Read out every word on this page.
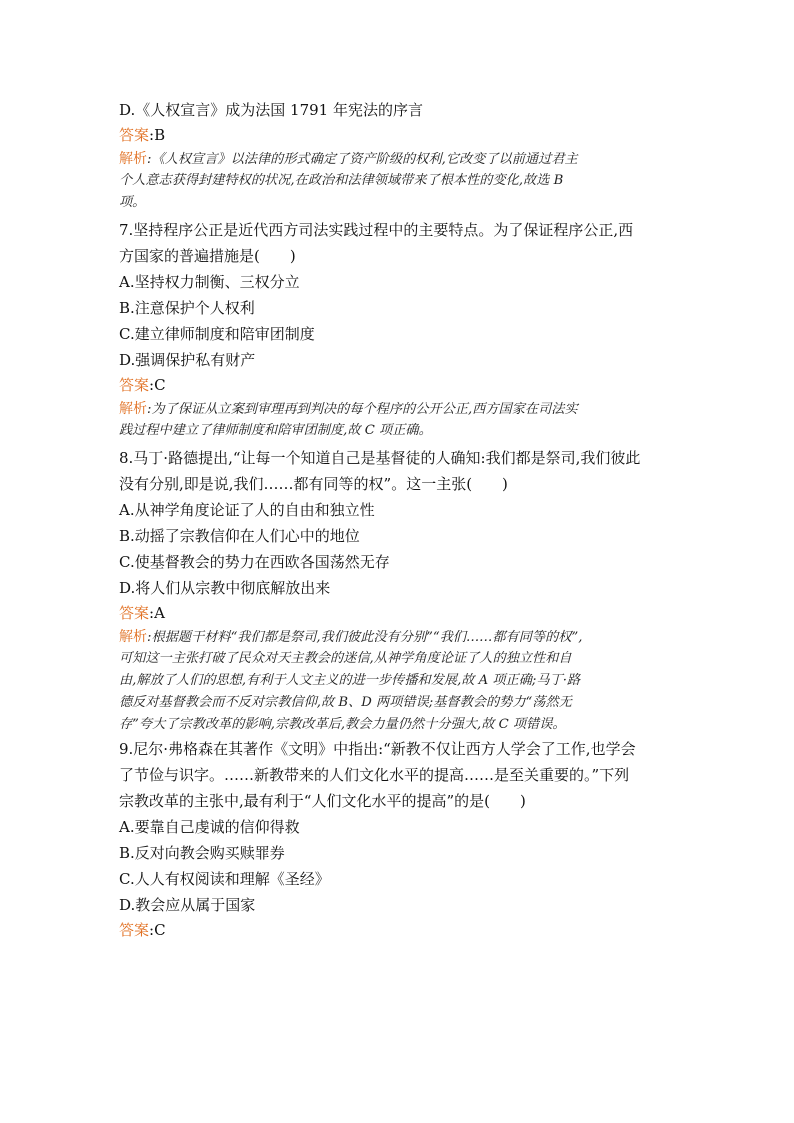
D.《人权宣言》成为法国 1791 年宪法的序言
答案:B

解析:《人权宣言》以法律的形式确定了资产阶级的权利,它改变了以前通过君主

个人意志获得封建特权的状况,在政治和法律领域带来了根本性的变化,故选 B

项。

7.坚持程序公正是近代西方司法实践过程中的主要特点。为了保证程序公正,西
方国家的普遍措施是(　　)
A.坚持权力制衡、三权分立
B.注意保护个人权利
C.建立律师制度和陪审团制度
D.强调保护私有财产
答案:C

解析:为了保证从立案到审理再到判决的每个程序的公开公正,西方国家在司法实

践过程中建立了律师制度和陪审团制度,故 C 项正确。

8.马丁·路德提出,“让每一个知道自己是基督徒的人确知:我们都是祭司,我们彼此
没有分别,即是说,我们……都有同等的权”。这一主张(　　)
A.从神学角度论证了人的自由和独立性
B.动摇了宗教信仰在人们心中的地位
C.使基督教会的势力在西欧各国荡然无存
D.将人们从宗教中彻底解放出来
答案:A

解析:根据题干材料“我们都是祭司,我们彼此没有分别”“我们……都有同等的权”,

可知这一主张打破了民众对天主教会的迷信,从神学角度论证了人的独立性和自

由,解放了人们的思想,有利于人文主义的进一步传播和发展,故 A 项正确;马丁·路

德反对基督教会而不反对宗教信仰,故 B、D 两项错误;基督教会的势力“荡然无

存”夸大了宗教改革的影响,宗教改革后,教会力量仍然十分强大,故 C 项错误。

9.尼尔·弗格森在其著作《文明》中指出:“新教不仅让西方人学会了工作,也学会
了节俭与识字。……新教带来的人们文化水平的提高……是至关重要的。”下列
宗教改革的主张中,最有利于“人们文化水平的提高”的是(　　)
A.要靠自己虔诚的信仰得救
B.反对向教会购买赎罪券
C.人人有权阅读和理解《圣经》
D.教会应从属于国家
答案:C
